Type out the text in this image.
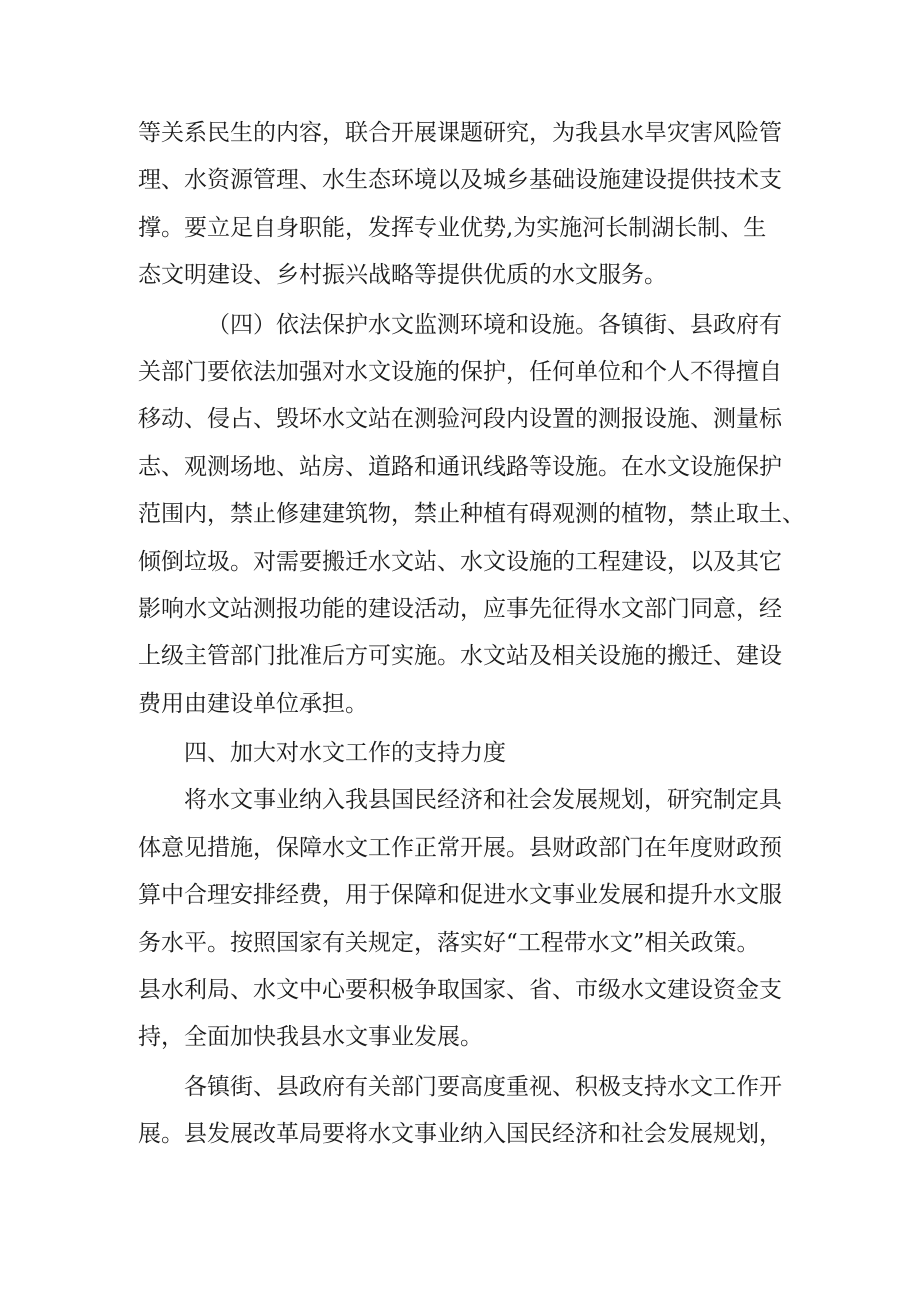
等关系民生的内容，联合开展课题研究，为我县水旱灾害风险管
理、水资源管理、水生态环境以及城乡基础设施建设提供技术支
撑。要立足自身职能，发挥专业优势,为实施河长制湖长制、生
态文明建设、乡村振兴战略等提供优质的水文服务。
（四）依法保护水文监测环境和设施。各镇街、县政府有
关部门要依法加强对水文设施的保护，任何单位和个人不得擅自
移动、侵占、毁坏水文站在测验河段内设置的测报设施、测量标
志、观测场地、站房、道路和通讯线路等设施。在水文设施保护
范围内，禁止修建建筑物，禁止种植有碍观测的植物，禁止取土、
倾倒垃圾。对需要搬迁水文站、水文设施的工程建设，以及其它
影响水文站测报功能的建设活动，应事先征得水文部门同意，经
上级主管部门批准后方可实施。水文站及相关设施的搬迁、建设
费用由建设单位承担。
四、加大对水文工作的支持力度
将水文事业纳入我县国民经济和社会发展规划，研究制定具
体意见措施，保障水文工作正常开展。县财政部门在年度财政预
算中合理安排经费，用于保障和促进水文事业发展和提升水文服
务水平。按照国家有关规定，落实好“工程带水文”相关政策。
县水利局、水文中心要积极争取国家、省、市级水文建设资金支
持，全面加快我县水文事业发展。
各镇街、县政府有关部门要高度重视、积极支持水文工作开
展。县发展改革局要将水文事业纳入国民经济和社会发展规划，
